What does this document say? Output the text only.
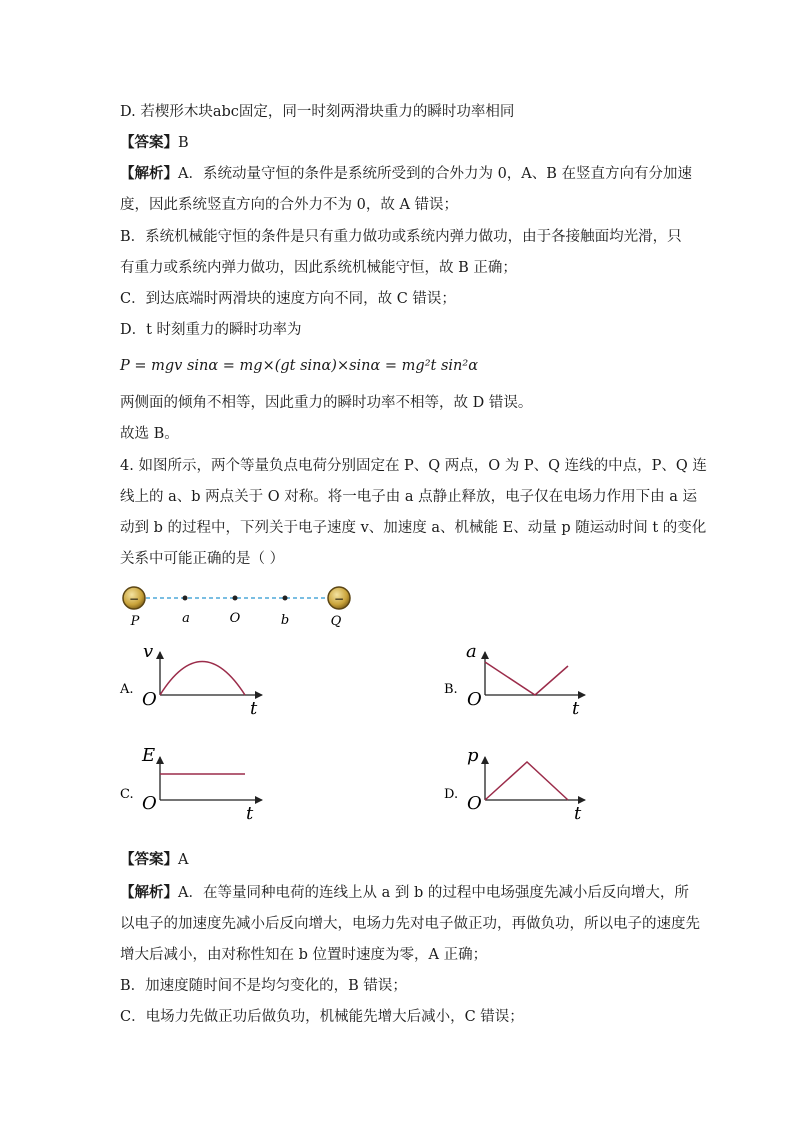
D. 若楔形木块abc固定，同一时刻两滑块重力的瞬时功率相同
【答案】B
【解析】A．系统动量守恒的条件是系统所受到的合外力为 0，A、B 在竖直方向有分加速
度，因此系统竖直方向的合外力不为 0，故 A 错误；
B．系统机械能守恒的条件是只有重力做功或系统内弹力做功，由于各接触面均光滑，只
有重力或系统内弹力做功，因此系统机械能守恒，故 B 正确；
C．到达底端时两滑块的速度方向不同，故 C 错误；
D．t 时刻重力的瞬时功率为
P = mgv sinα = mg×(gt sinα)×sinα = mg²t sin²α
两侧面的倾角不相等，因此重力的瞬时功率不相等，故 D 错误。
故选 B。
4. 如图所示，两个等量负点电荷分别固定在 P、Q 两点，O 为 P、Q 连线的中点，P、Q 连
线上的 a、b 两点关于 O 对称。将一电子由 a 点静止释放，电子仅在电场力作用下由 a 运
动到 b 的过程中，下列关于电子速度 v、加速度 a、机械能 E、动量 p 随运动时间 t 的变化
关系中可能正确的是（ ）
−	−
P	a	O	b	Q
A.
v
O	t
B.
a
O	t
C.
E
O	t
D.
p
O	t
【答案】A
【解析】A．在等量同种电荷的连线上从 a 到 b 的过程中电场强度先减小后反向增大，所
以电子的加速度先减小后反向增大，电场力先对电子做正功，再做负功，所以电子的速度先
增大后减小，由对称性知在 b 位置时速度为零，A 正确；
B．加速度随时间不是均匀变化的，B 错误；
C．电场力先做正功后做负功，机械能先增大后减小，C 错误；
